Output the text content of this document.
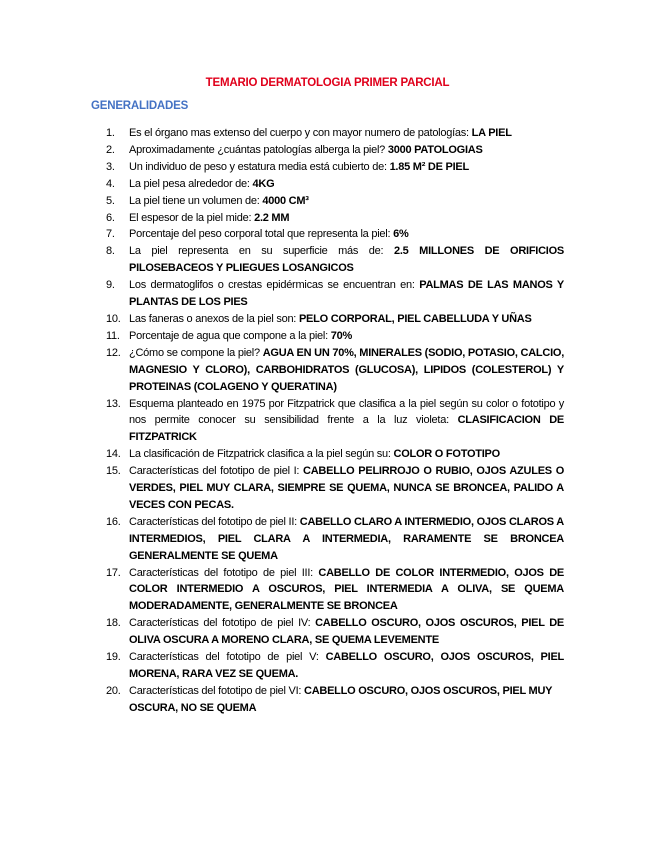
TEMARIO DERMATOLOGIA PRIMER PARCIAL
GENERALIDADES
1.	Es el órgano mas extenso del cuerpo y con mayor numero de patologías: LA PIEL
2.	Aproximadamente ¿cuántas patologías alberga la piel? 3000 PATOLOGIAS
3.	Un individuo de peso y estatura media está cubierto de: 1.85 M² DE PIEL
4.	La piel pesa alrededor de: 4KG
5.	La piel tiene un volumen de: 4000 CM³
6.	El espesor de la piel mide: 2.2 MM
7.	Porcentaje del peso corporal total que representa la piel: 6%
8.	La piel representa en su superficie más de: 2.5 MILLONES DE ORIFICIOS PILOSEBACEOS Y PLIEGUES LOSANGICOS
9.	Los dermatoglifos o crestas epidérmicas se encuentran en: PALMAS DE LAS MANOS Y PLANTAS DE LOS PIES
10. Las faneras o anexos de la piel son: PELO CORPORAL, PIEL CABELLUDA Y UÑAS
11. Porcentaje de agua que compone a la piel: 70%
12. ¿Cómo se compone la piel? AGUA EN UN 70%, MINERALES (SODIO, POTASIO, CALCIO, MAGNESIO Y CLORO), CARBOHIDRATOS (GLUCOSA), LIPIDOS (COLESTEROL) Y PROTEINAS (COLAGENO Y QUERATINA)
13. Esquema planteado en 1975 por Fitzpatrick que clasifica a la piel según su color o fototipo y nos permite conocer su sensibilidad frente a la luz violeta: CLASIFICACION DE FITZPATRICK
14. La clasificación de Fitzpatrick clasifica a la piel según su: COLOR O FOTOTIPO
15. Características del fototipo de piel I: CABELLO PELIRROJO O RUBIO, OJOS AZULES O VERDES, PIEL MUY CLARA, SIEMPRE SE QUEMA, NUNCA SE BRONCEA, PALIDO A VECES CON PECAS.
16. Características del fototipo de piel II: CABELLO CLARO A INTERMEDIO, OJOS CLAROS A INTERMEDIOS, PIEL CLARA A INTERMEDIA, RARAMENTE SE BRONCEA GENERALMENTE SE QUEMA
17. Características del fototipo de piel III: CABELLO DE COLOR INTERMEDIO, OJOS DE COLOR INTERMEDIO A OSCUROS, PIEL INTERMEDIA A OLIVA, SE QUEMA MODERADAMENTE, GENERALMENTE SE BRONCEA
18. Características del fototipo de piel IV: CABELLO OSCURO, OJOS OSCUROS, PIEL DE OLIVA OSCURA A MORENO CLARA, SE QUEMA LEVEMENTE
19. Características del fototipo de piel V: CABELLO OSCURO, OJOS OSCUROS, PIEL MORENA, RARA VEZ SE QUEMA.
20. Características del fototipo de piel VI: CABELLO OSCURO, OJOS OSCUROS, PIEL MUY OSCURA, NO SE QUEMA
